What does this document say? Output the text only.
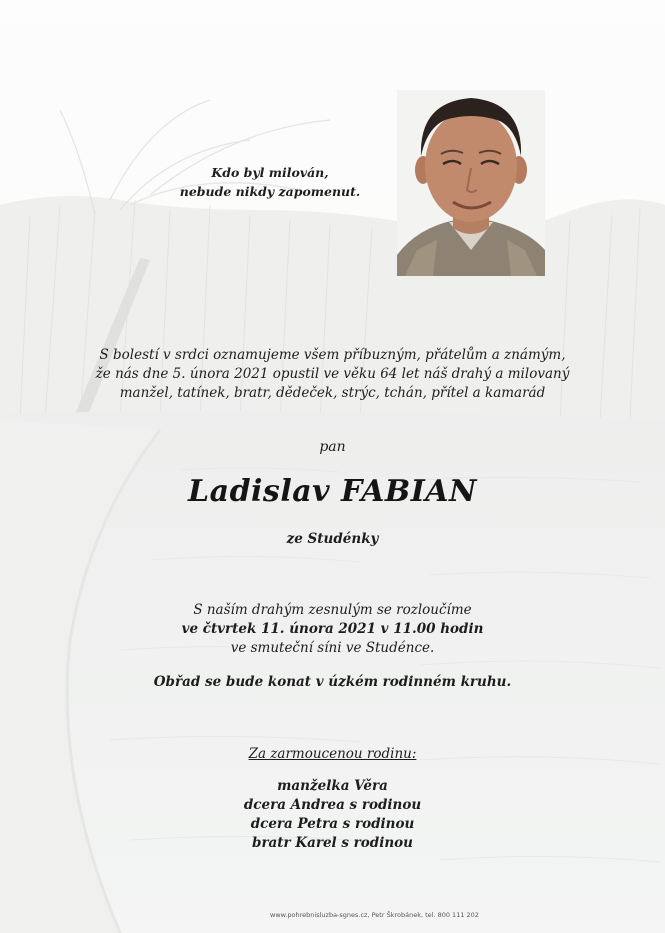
Kdo byl milován,
nebude nikdy zapomenut.
S bolestí v srdci oznamujeme všem příbuzným, přátelům a známým,
že nás dne 5. února 2021 opustil ve věku 64 let náš drahý a milovaný
manžel, tatínek, bratr, dědeček, strýc, tchán, přítel a kamarád
pan
Ladislav FABIAN
ze Studénky
S naším drahým zesnulým se rozloučíme
ve čtvrtek 11. února 2021 v 11.00 hodin
ve smuteční síni ve Studénce.
Obřad se bude konat v úzkém rodinném kruhu.
Za zarmoucenou rodinu:
manželka Věra
dcera Andrea s rodinou
dcera Petra s rodinou
bratr Karel s rodinou
www.pohrebnisluzba-sgnes.cz, Petr Škrobánek, tel. 800 111 202
